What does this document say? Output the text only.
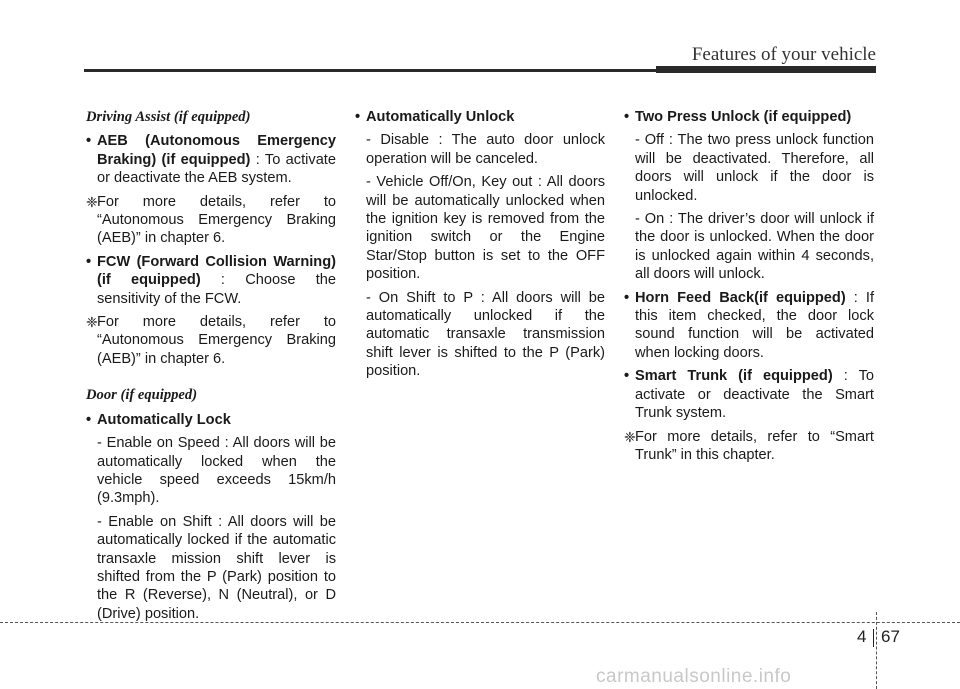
Features of your vehicle
Driving Assist (if equipped)
• AEB (Autonomous Emergency Braking) (if equipped) : To activate or deactivate the AEB system.
❈ For more details, refer to “Autonomous Emergency Braking (AEB)” in chapter 6.
• FCW (Forward Collision Warning) (if equipped) : Choose the sensitivity of the FCW.
❈ For more details, refer to “Autonomous Emergency Braking (AEB)” in chapter 6.
Door (if equipped)
• Automatically Lock
- Enable on Speed : All doors will be automatically locked when the vehicle speed exceeds 15km/h (9.3mph).
- Enable on Shift : All doors will be automatically locked if the automatic transaxle mission shift lever is shifted from the P (Park) position to the R (Reverse), N (Neutral), or D (Drive) position.
• Automatically Unlock
- Disable : The auto door unlock operation will be canceled.
- Vehicle Off/On, Key out : All doors will be automatically unlocked when the ignition key is removed from the ignition switch or the Engine Star/Stop button is set to the OFF position.
- On Shift to P : All doors will be automatically unlocked if the automatic transaxle transmission shift lever is shifted to the P (Park) position.
• Two Press Unlock (if equipped)
- Off : The two press unlock function will be deactivated. Therefore, all doors will unlock if the door is unlocked.
- On : The driver’s door will unlock if the door is unlocked. When the door is unlocked again within 4 seconds, all doors will unlock.
• Horn Feed Back(if equipped) : If this item checked, the door lock sound function will be activated when locking doors.
• Smart Trunk (if equipped) : To activate or deactivate the Smart Trunk system.
❈ For more details, refer to “Smart Trunk” in this chapter.
4 67
carmanualsonline.info
